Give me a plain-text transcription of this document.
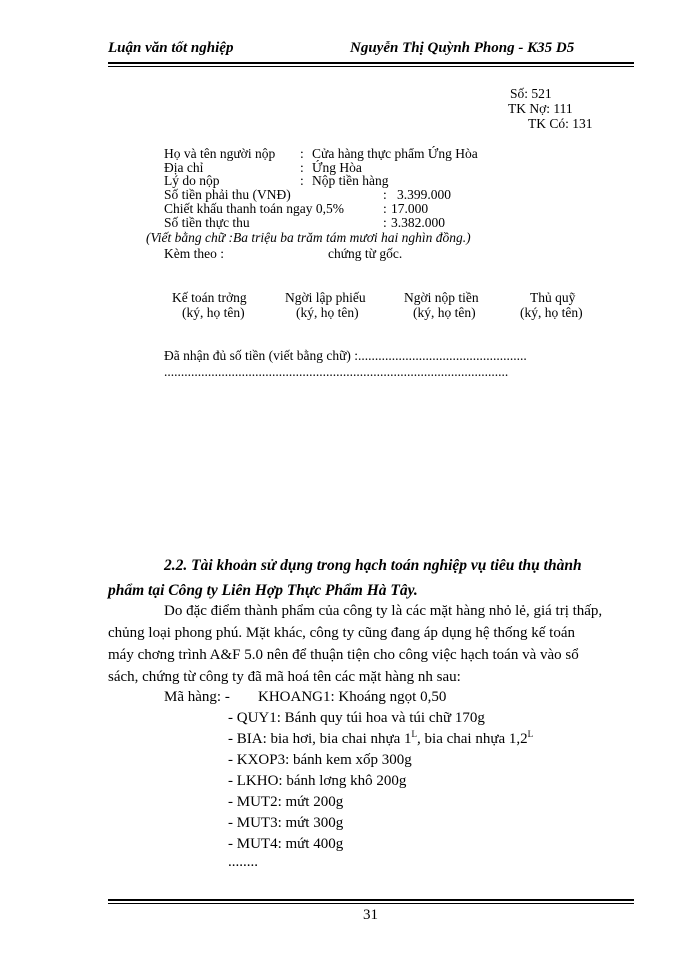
Luận văn tốt nghiệp	Nguyễn Thị Quỳnh Phong - K35 D5
Số: 521
TK Nợ: 111
TK Có: 131
Họ và tên người nộp : Cửa hàng thực phẩm Ứng Hòa
Địa chỉ	: Ứng Hòa
Lý do nộp	: Nộp tiền hàng
Số tiền phải thu (VNĐ)	: 3.399.000
Chiết khấu thanh toán ngay 0,5%	: 17.000
Số tiền thực thu	: 3.382.000
(Viết bằng chữ :Ba triệu ba trăm tám mươi hai nghìn đồng.)
Kèm theo :	chứng từ gốc.
Kế toán trởng
(ký, họ tên)
Ngời lập phiếu
(ký, họ tên)
Ngời nộp tiền
(ký, họ tên)
Thủ quỹ
(ký, họ tên)
Đã nhận đủ số tiền (viết bằng chữ) :..................................................
......................................................................................................
2.2. Tài khoản sử dụng trong hạch toán nghiệp vụ tiêu thụ thành
phẩm tại Công ty Liên Hợp Thực Phẩm Hà Tây.
Do đặc điểm thành phẩm của công ty là các mặt hàng nhỏ lẻ, giá trị thấp,
chủng loại phong phú. Mặt khác, công ty cũng đang áp dụng hệ thống kế toán
máy chơng trình A&F 5.0 nên để thuận tiện cho công việc hạch toán và vào sổ
sách, chứng từ công ty đã mã hoá tên các mặt hàng nh sau:
Mã hàng: - KHOANG1: Khoáng ngọt 0,50
- QUY1: Bánh quy túi hoa và túi chữ 170g
- BIA: bia hơi, bia chai nhựa $1^L$, bia chai nhựa $1,2^L$
- KXOP3: bánh kem xốp 300g
- LKHO: bánh lơng khô 200g
- MUT2: mứt 200g
- MUT3: mứt 300g
- MUT4: mứt 400g
........
31
